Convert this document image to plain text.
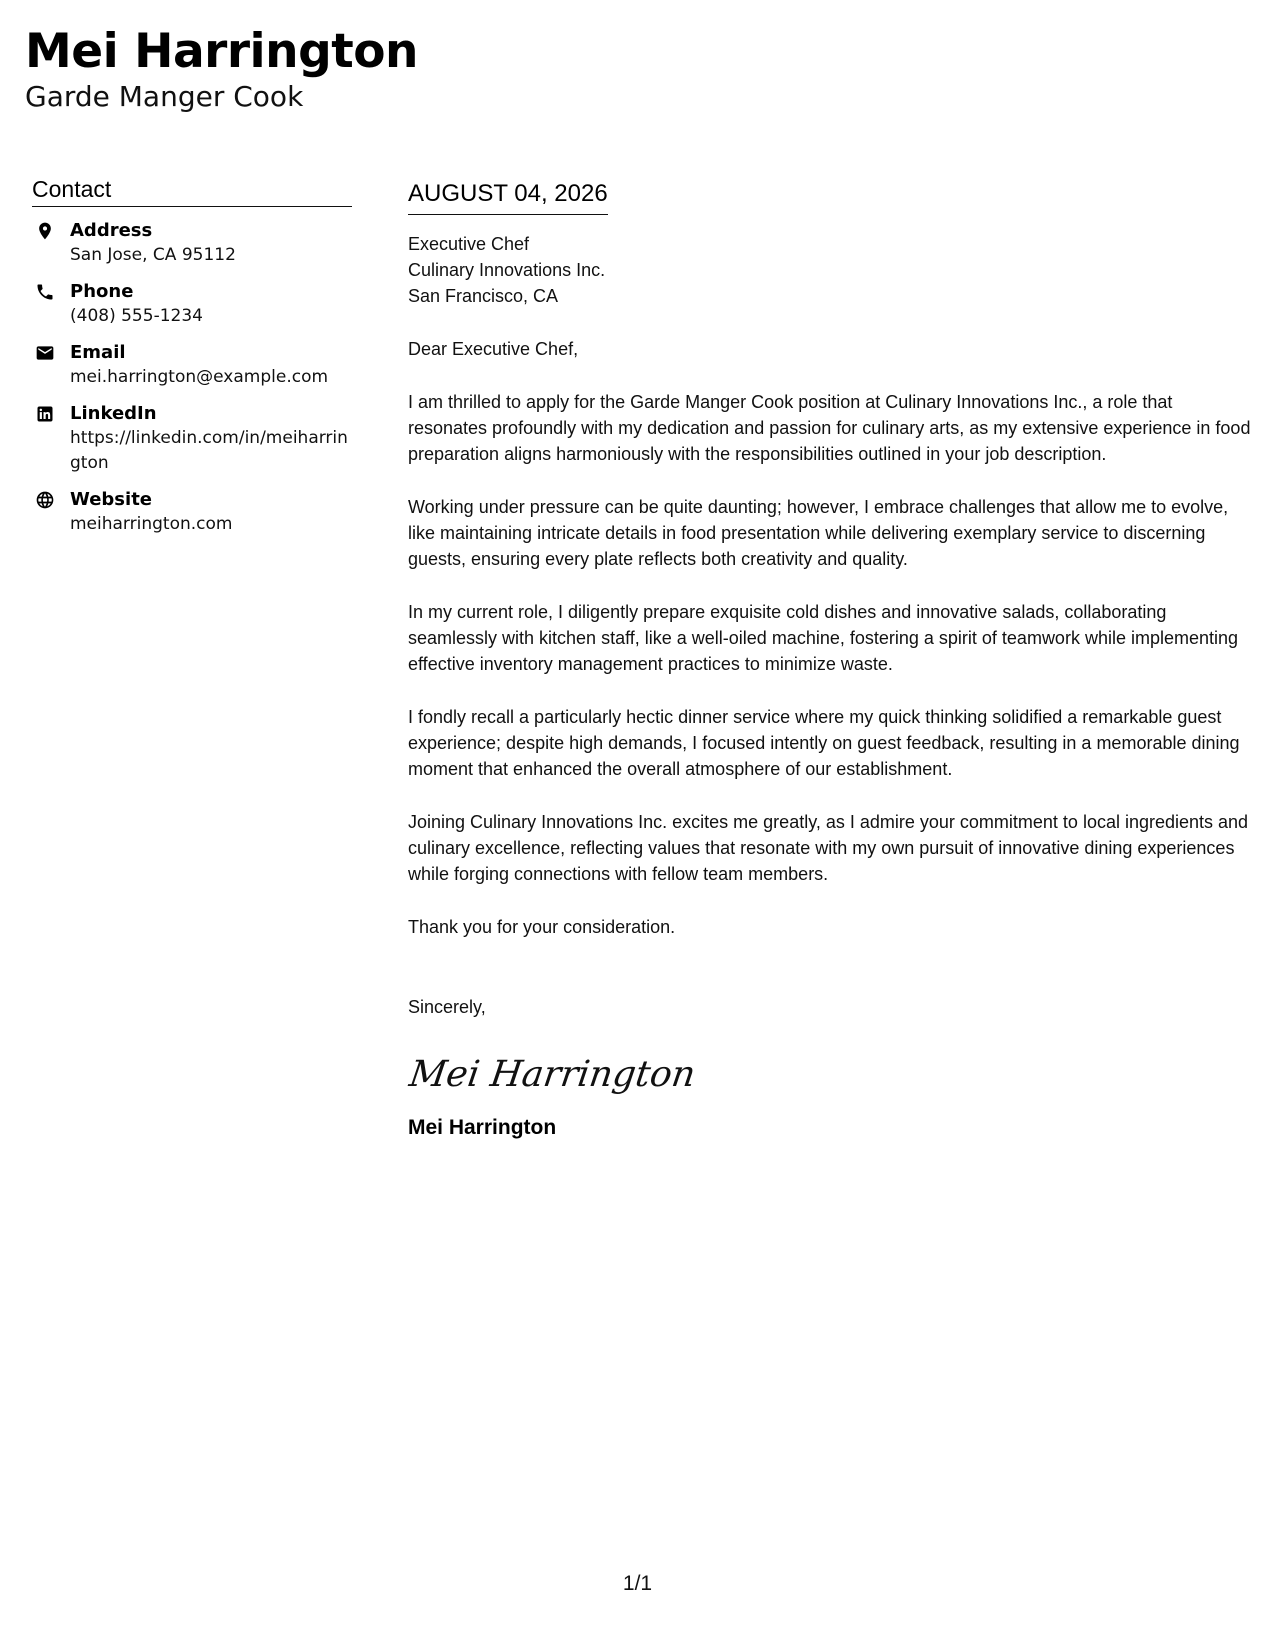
Mei Harrington
Garde Manger Cook
Contact
Address
San Jose, CA 95112
Phone
(408) 555-1234
Email
mei.harrington@example.com
LinkedIn
https://linkedin.com/in/meiharrington
Website
meiharrington.com
AUGUST 04, 2026
Executive Chef
Culinary Innovations Inc.
San Francisco, CA
Dear Executive Chef,
I am thrilled to apply for the Garde Manger Cook position at Culinary Innovations Inc., a role that resonates profoundly with my dedication and passion for culinary arts, as my extensive experience in food preparation aligns harmoniously with the responsibilities outlined in your job description.
Working under pressure can be quite daunting; however, I embrace challenges that allow me to evolve, like maintaining intricate details in food presentation while delivering exemplary service to discerning guests, ensuring every plate reflects both creativity and quality.
In my current role, I diligently prepare exquisite cold dishes and innovative salads, collaborating seamlessly with kitchen staff, like a well-oiled machine, fostering a spirit of teamwork while implementing effective inventory management practices to minimize waste.
I fondly recall a particularly hectic dinner service where my quick thinking solidified a remarkable guest experience; despite high demands, I focused intently on guest feedback, resulting in a memorable dining moment that enhanced the overall atmosphere of our establishment.
Joining Culinary Innovations Inc. excites me greatly, as I admire your commitment to local ingredients and culinary excellence, reflecting values that resonate with my own pursuit of innovative dining experiences while forging connections with fellow team members.
Thank you for your consideration.
Sincerely,
Mei Harrington
Mei Harrington
1/1
